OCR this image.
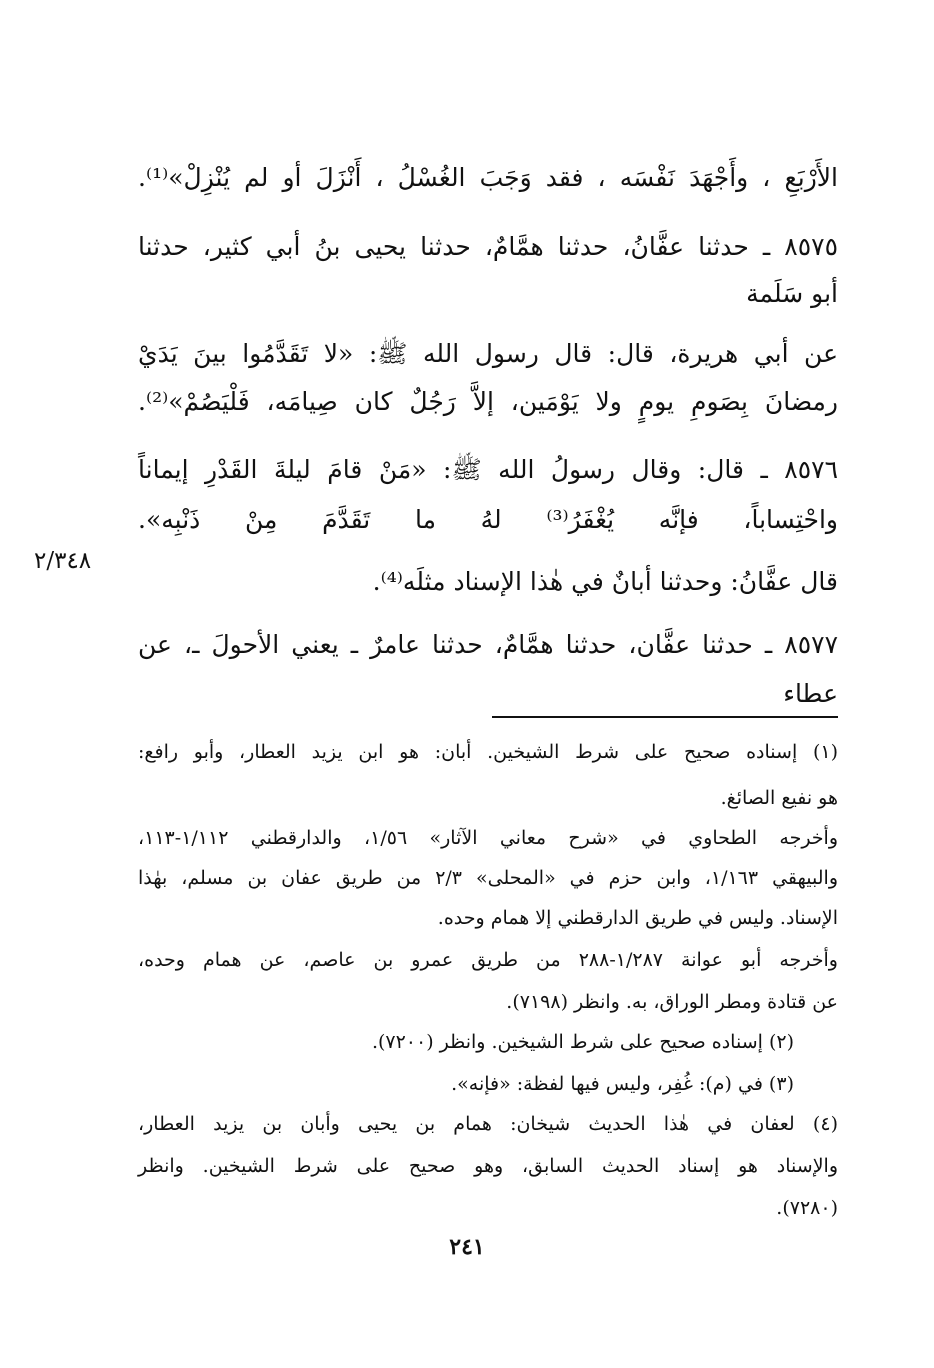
الأَرْبَعِ ، وأَجْهَدَ نَفْسَه ، فقد وَجَبَ الغُسْلُ ، أَنْزَلَ أو لم يُنْزِلْ»⁽¹⁾.
٨٥٧٥ ـ حدثنا عفَّانُ، حدثنا همَّامٌ، حدثنا يحيى بنُ أبي كثير، حدثنا
أبو سَلَمة
عن أبي هريرة، قال: قال رسول الله ﷺ: «لا تَقَدَّمُوا بينَ يَدَيْ
رمضانَ بِصَومِ يومٍ ولا يَوْمَين، إلاَّ رَجُلٌ كان صِيامَه، فَلْيَصُمْ»⁽²⁾.
٨٥٧٦ ـ قال: وقال رسولُ الله ﷺ: «مَنْ قامَ ليلةَ القَدْرِ إيماناً
واحْتِساباً، فإنَّه يُغْفَرُ⁽³⁾ لهُ ما تَقَدَّمَ مِنْ ذَنْبِه».
قال عفَّانُ: وحدثنا أبانٌ في هٰذا الإسناد مثلَه⁽⁴⁾.
٨٥٧٧ ـ حدثنا عفَّان، حدثنا همَّامٌ، حدثنا عامرٌ ـ يعني الأحولَ ـ، عن
عطاء
٢/٣٤٨
(١) إسناده صحيح على شرط الشيخين. أبان: هو ابن يزيد العطار، وأبو رافع:
هو نفيع الصائغ.
وأخرجه الطحاوي في «شرح معاني الآثار» ١/٥٦، والدارقطني ١/١١٢-١١٣،
والبيهقي ١/١٦٣، وابن حزم في «المحلى» ٢/٣ من طريق عفان بن مسلم، بهٰذا
الإسناد. وليس في طريق الدارقطني إلا همام وحده.
وأخرجه أبو عوانة ١/٢٨٧-٢٨٨ من طريق عمرو بن عاصم، عن همام وحده،
عن قتادة ومطر الوراق، به. وانظر (٧١٩٨).
(٢) إسناده صحيح على شرط الشيخين. وانظر (٧٢٠٠).
(٣) في (م): غُفِر، وليس فيها لفظة: «فإنه».
(٤) لعفان في هٰذا الحديث شيخان: همام بن يحيى وأبان بن يزيد العطار،
والإسناد هو إسناد الحديث السابق، وهو صحيح على شرط الشيخين. وانظر
(٧٢٨٠).
٢٤١
